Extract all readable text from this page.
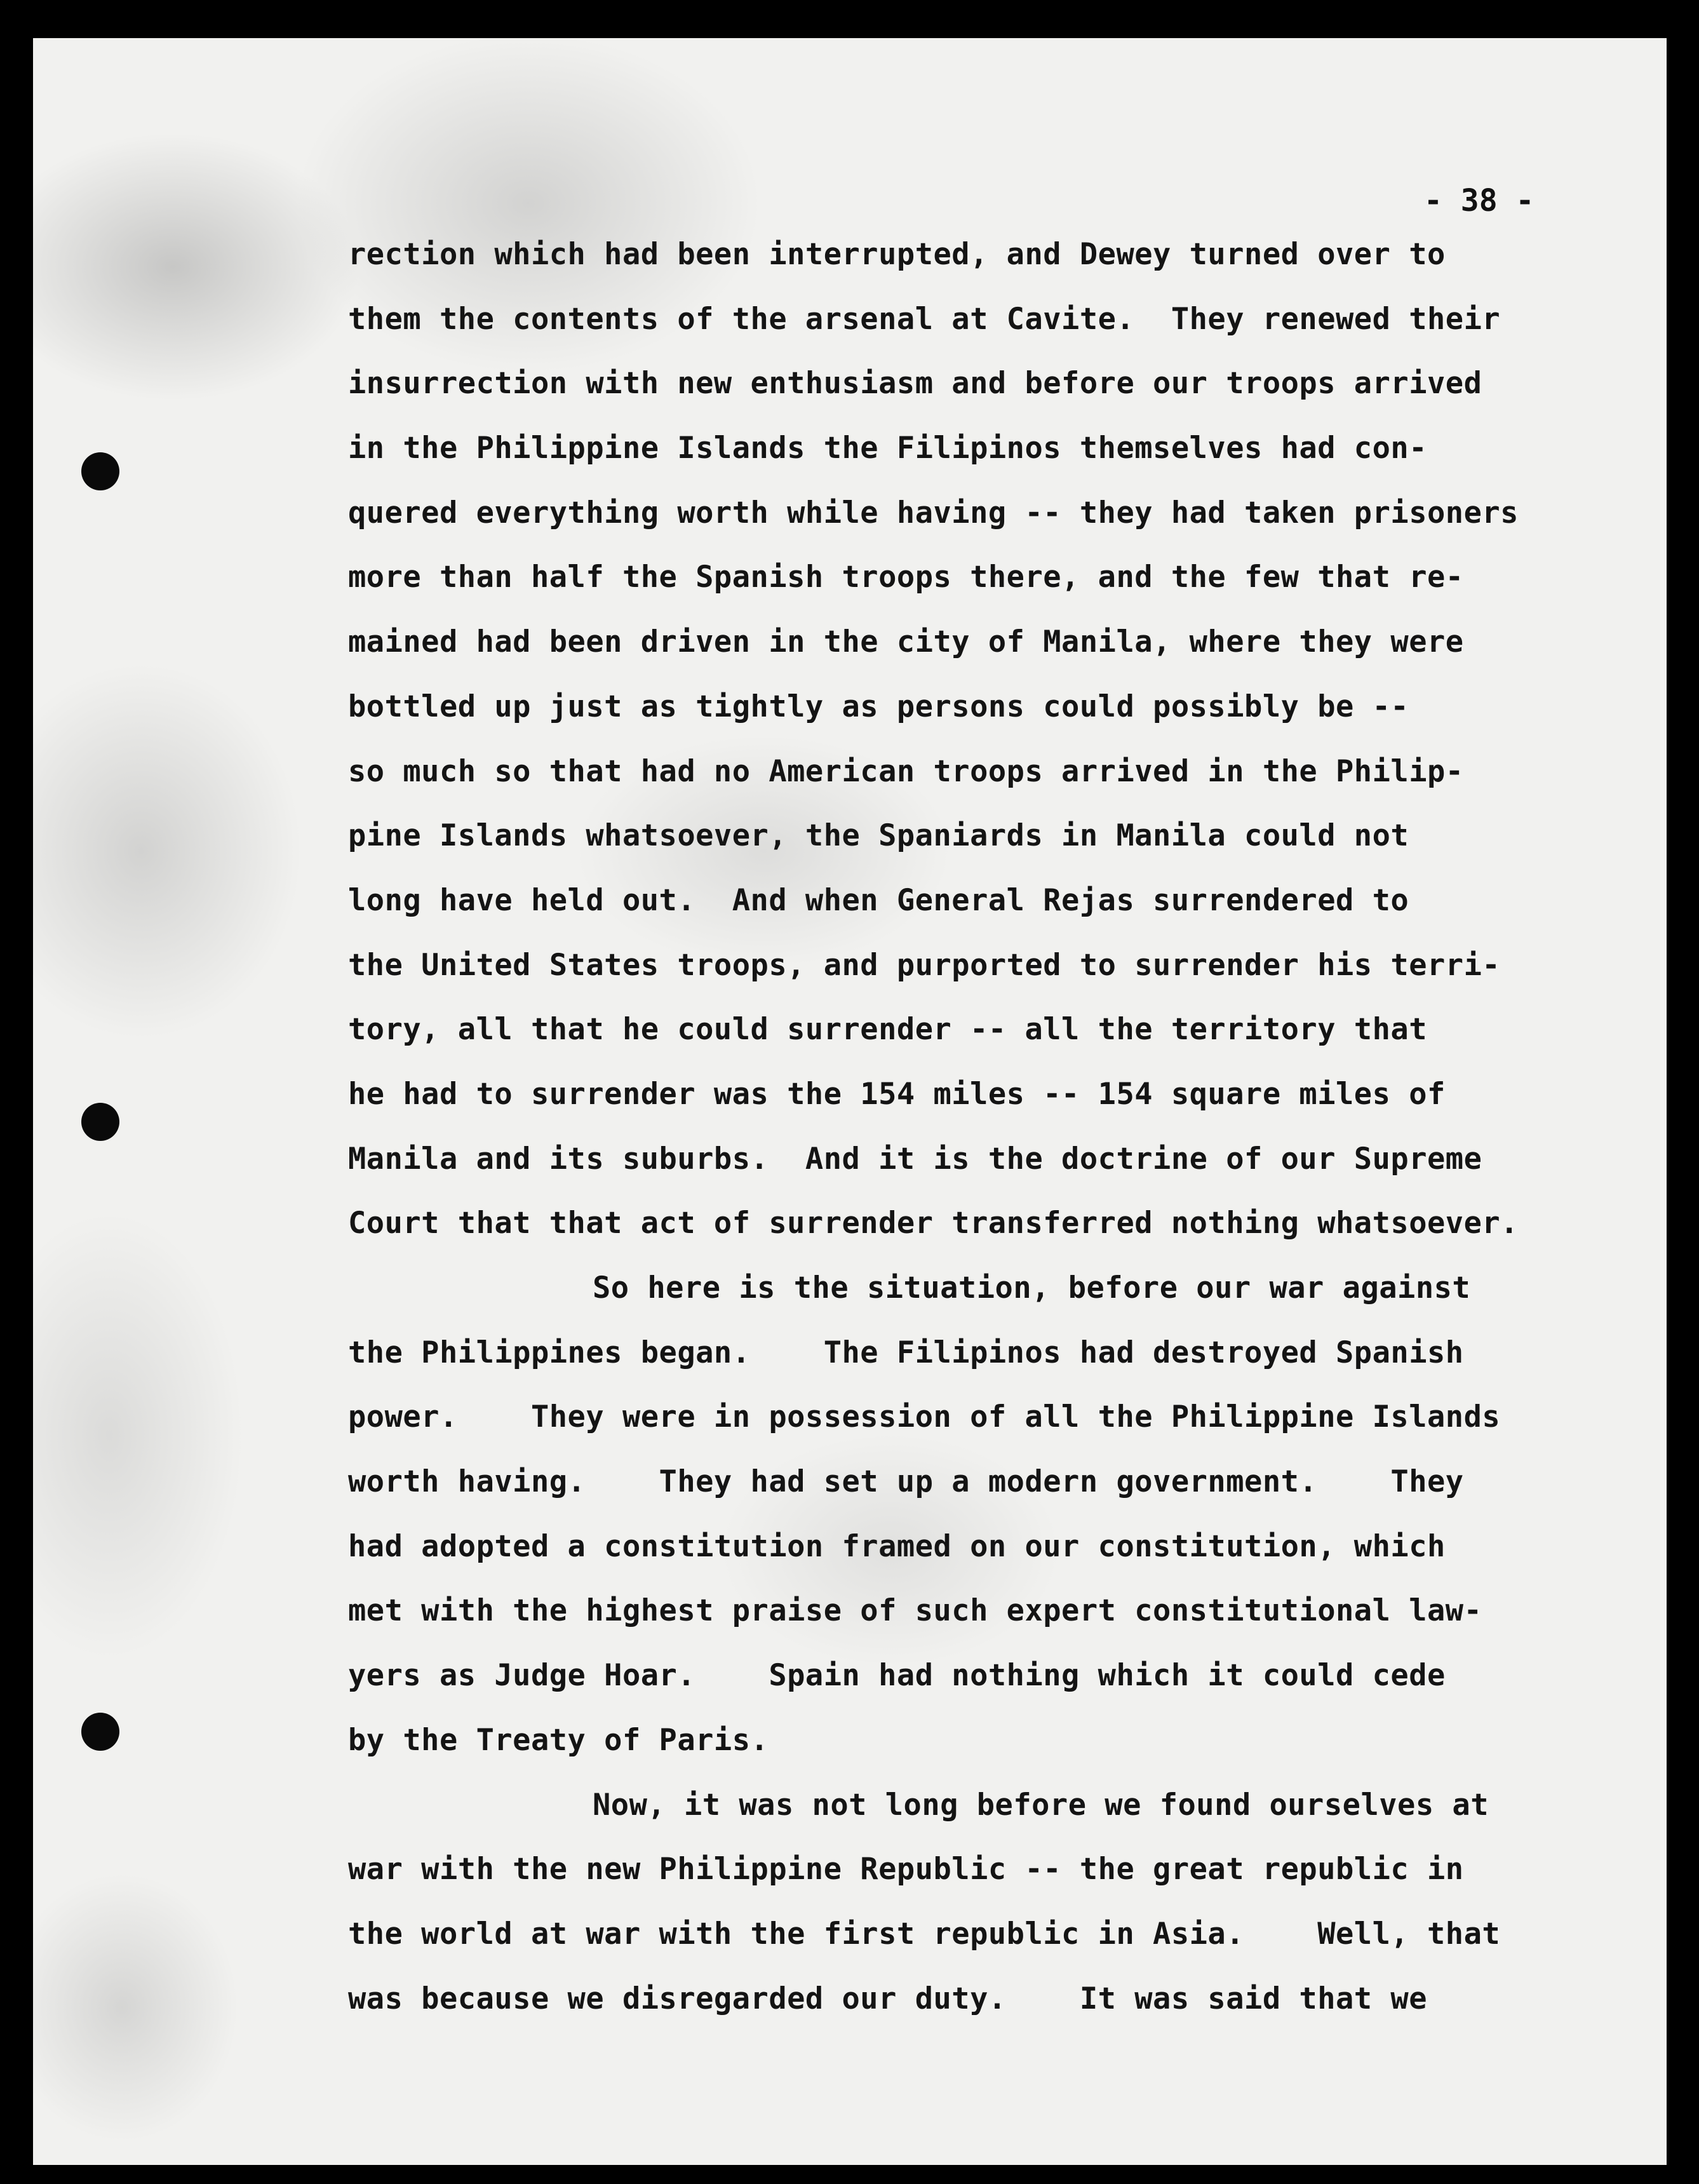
- 38 -

rection which had been interrupted, and Dewey turned over to
them the contents of the arsenal at Cavite.  They renewed their
insurrection with new enthusiasm and before our troops arrived
in the Philippine Islands the Filipinos themselves had con-
quered everything worth while having -- they had taken prisoners
more than half the Spanish troops there, and the few that re-
mained had been driven in the city of Manila, where they were
bottled up just as tightly as persons could possibly be --
so much so that had no American troops arrived in the Philip-
pine Islands whatsoever, the Spaniards in Manila could not
long have held out.  And when General Rejas surrendered to
the United States troops, and purported to surrender his terri-
tory, all that he could surrender -- all the territory that
he had to surrender was the 154 miles -- 154 square miles of
Manila and its suburbs.  And it is the doctrine of our Supreme
Court that that act of surrender transferred nothing whatsoever.
So here is the situation, before our war against
the Philippines began.    The Filipinos had destroyed Spanish
power.    They were in possession of all the Philippine Islands
worth having.    They had set up a modern government.    They
had adopted a constitution framed on our constitution, which
met with the highest praise of such expert constitutional law-
yers as Judge Hoar.    Spain had nothing which it could cede
by the Treaty of Paris.
Now, it was not long before we found ourselves at
war with the new Philippine Republic -- the great republic in
the world at war with the first republic in Asia.    Well, that
was because we disregarded our duty.    It was said that we
